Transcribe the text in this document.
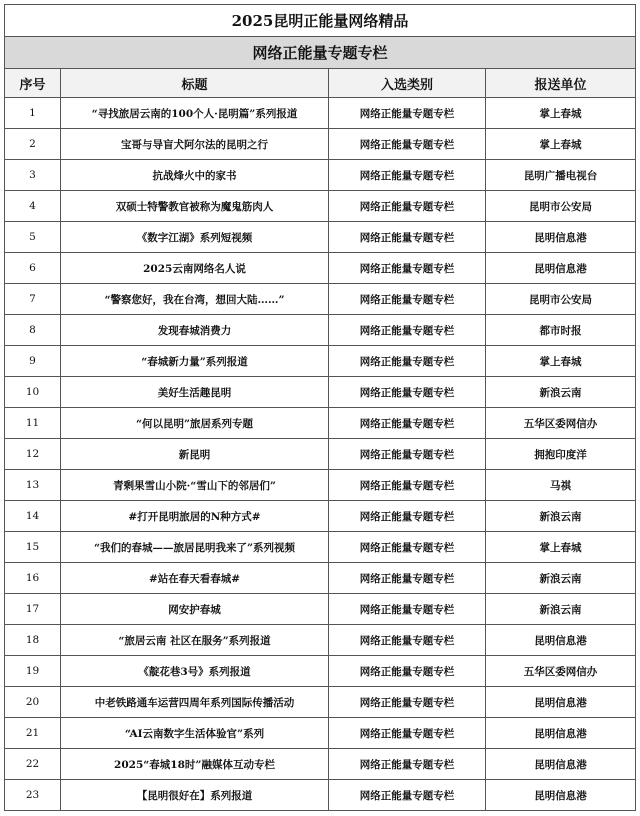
2025昆明正能量网络精品			
网络正能量专题专栏			
序号	标题	入选类别	报送单位
1	“寻找旅居云南的100个人·昆明篇”系列报道	网络正能量专题专栏	掌上春城
2	宝哥与导盲犬阿尔法的昆明之行	网络正能量专题专栏	掌上春城
3	抗战烽火中的家书	网络正能量专题专栏	昆明广播电视台
4	双硕士特警教官被称为魔鬼筋肉人	网络正能量专题专栏	昆明市公安局
5	《数字江湖》系列短视频	网络正能量专题专栏	昆明信息港
6	2025云南网络名人说	网络正能量专题专栏	昆明信息港
7	“警察您好，我在台湾，想回大陆……”	网络正能量专题专栏	昆明市公安局
8	发现春城消费力	网络正能量专题专栏	都市时报
9	“春城新力量”系列报道	网络正能量专题专栏	掌上春城
10	美好生活趣昆明	网络正能量专题专栏	新浪云南
11	“何以昆明”旅居系列专题	网络正能量专题专栏	五华区委网信办
12	新昆明	网络正能量专题专栏	拥抱印度洋
13	青剩果雪山小院·“雪山下的邻居们”	网络正能量专题专栏	马祺
14	#打开昆明旅居的N种方式#	网络正能量专题专栏	新浪云南
15	“我们的春城——旅居昆明我来了”系列视频	网络正能量专题专栏	掌上春城
16	#站在春天看春城#	网络正能量专题专栏	新浪云南
17	网安护春城	网络正能量专题专栏	新浪云南
18	“旅居云南 社区在服务”系列报道	网络正能量专题专栏	昆明信息港
19	《靛花巷3号》系列报道	网络正能量专题专栏	五华区委网信办
20	中老铁路通车运营四周年系列国际传播活动	网络正能量专题专栏	昆明信息港
21	“AI云南数字生活体验官”系列	网络正能量专题专栏	昆明信息港
22	2025“春城18时”融媒体互动专栏	网络正能量专题专栏	昆明信息港
23	【昆明很好在】系列报道	网络正能量专题专栏	昆明信息港
